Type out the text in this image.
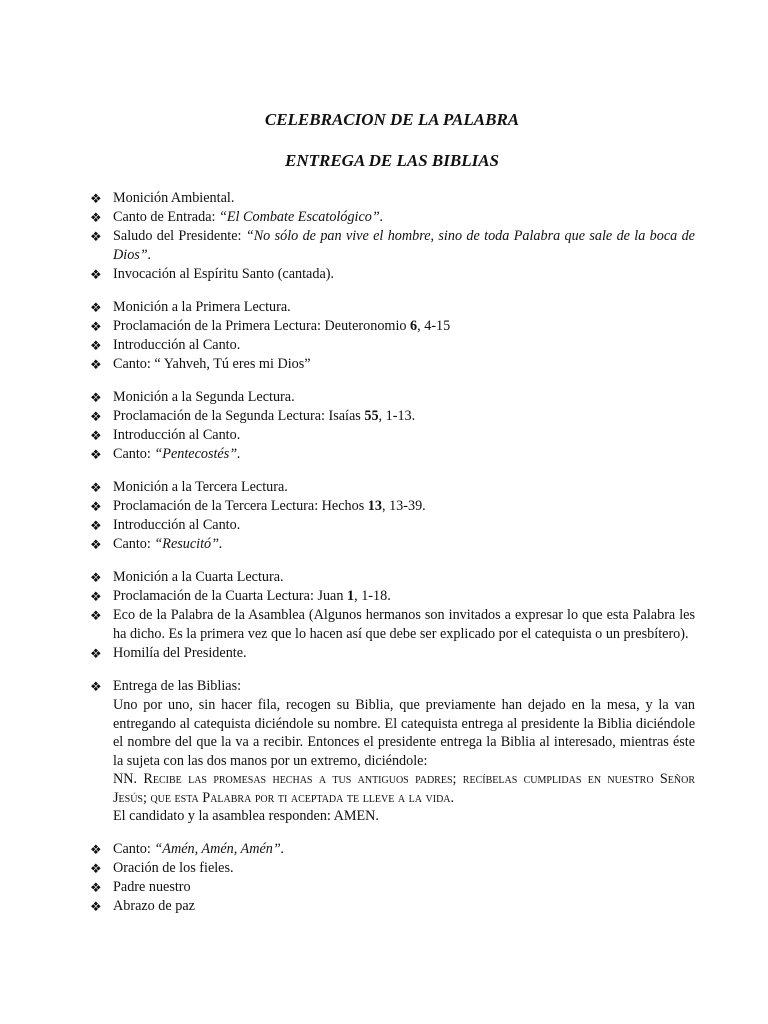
CELEBRACION DE LA PALABRA
ENTREGA DE LAS BIBLIAS
❖ Monición Ambiental.
❖ Canto de Entrada: “El Combate Escatológico”.
❖ Saludo del Presidente: “No sólo de pan vive el hombre, sino de toda Palabra que sale de la boca de Dios”.
❖ Invocación al Espíritu Santo (cantada).
❖ Monición a la Primera Lectura.
❖ Proclamación de la Primera Lectura: Deuteronomio 6, 4-15
❖ Introducción al Canto.
❖ Canto: “ Yahveh, Tú eres mi Dios”
❖ Monición a la Segunda Lectura.
❖ Proclamación de la Segunda Lectura: Isaías 55, 1-13.
❖ Introducción al Canto.
❖ Canto: “Pentecostés”.
❖ Monición a la Tercera Lectura.
❖ Proclamación de la Tercera Lectura: Hechos 13, 13-39.
❖ Introducción al Canto.
❖ Canto: “Resucitó”.
❖ Monición a la Cuarta Lectura.
❖ Proclamación de la Cuarta Lectura: Juan 1, 1-18.
❖ Eco de la Palabra de la Asamblea (Algunos hermanos son invitados a expresar lo que esta Palabra les ha dicho. Es la primera vez que lo hacen así que debe ser explicado por el catequista o un presbítero).
❖ Homilía del Presidente.
❖ Entrega de las Biblias:
Uno por uno, sin hacer fila, recogen su Biblia, que previamente han dejado en la mesa, y la van entregando al catequista diciéndole su nombre. El catequista entrega al presidente la Biblia diciéndole el nombre del que la va a recibir. Entonces el presidente entrega la Biblia al interesado, mientras éste la sujeta con las dos manos por un extremo, diciéndole:
NN. Recibe las promesas hechas a tus antiguos padres; recíbelas cumplidas en nuestro Señor Jesús; que esta Palabra por ti aceptada te lleve a la vida.
El candidato y la asamblea responden: AMEN.
❖ Canto: “Amén, Amén, Amén”.
❖ Oración de los fieles.
❖ Padre nuestro
❖ Abrazo de paz
